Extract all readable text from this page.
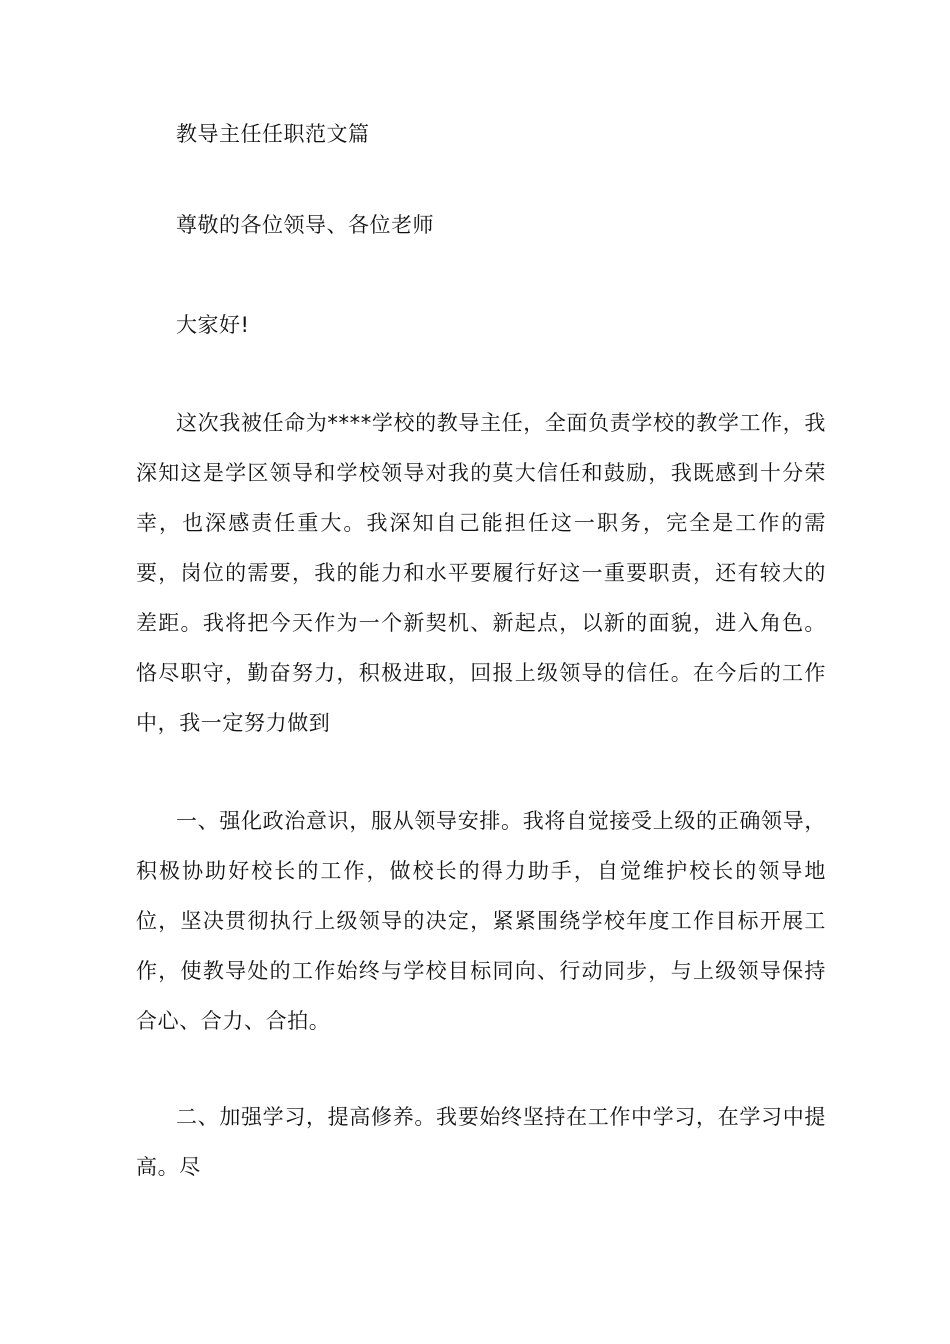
教导主任任职范文篇
尊敬的各位领导、各位老师
大家好!
这次我被任命为****学校的教导主任，全面负责学校的教学工作，我深知这是学区领导和学校领导对我的莫大信任和鼓励，我既感到十分荣幸，也深感责任重大。我深知自己能担任这一职务，完全是工作的需要，岗位的需要，我的能力和水平要履行好这一重要职责，还有较大的差距。我将把今天作为一个新契机、新起点，以新的面貌，进入角色。恪尽职守，勤奋努力，积极进取，回报上级领导的信任。在今后的工作中，我一定努力做到
一、强化政治意识，服从领导安排。我将自觉接受上级的正确领导，积极协助好校长的工作，做校长的得力助手，自觉维护校长的领导地位，坚决贯彻执行上级领导的决定，紧紧围绕学校年度工作目标开展工作，使教导处的工作始终与学校目标同向、行动同步，与上级领导保持合心、合力、合拍。
二、加强学习，提高修养。我要始终坚持在工作中学习，在学习中提高。尽
